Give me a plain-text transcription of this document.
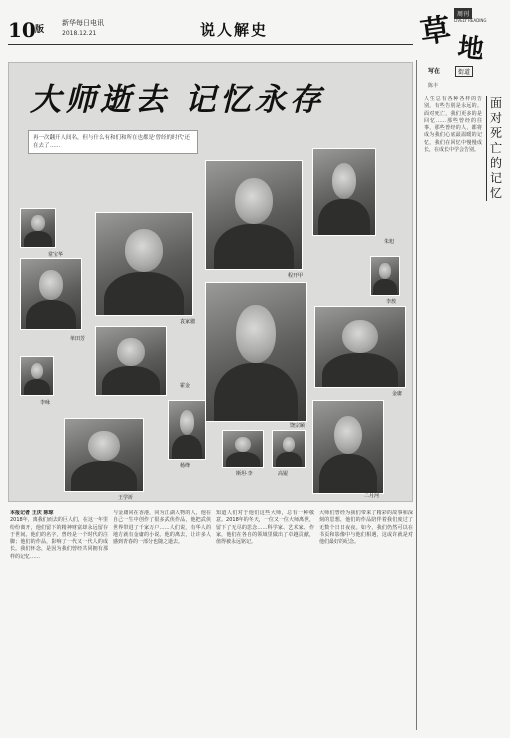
10 版
新华每日电讯
2018.12.21	说人解史	草 地
周刊
LIVELY READING
大师逝去 记忆永存
再一次翻开人间名，但与什么有和们和所在也都是'曾经的时代'还在去了……
常宝华
单田芳
李咏
程开甲
袁家骝
霍金
饶宗颐
朱旭
王学圻
杨绛
斯坦·李	高锟
二月河
金庸
李敖
本报记者 王庆 陈琼
2018年，离我们而去的巨人们，在这一年里纷纷离开，他们留下的精神财富却永远留存于世间。他们的名字，曾经是一个时代的注脚；他们的作品，影响了一代又一代人的成长。我们怀念，是因为我们曾经共同拥有那样的记忆……
与金庸同在香港，同为江湖人物的人，他在自己一生中创作了很多武侠作品，他把武侠世界带进了千家万户……人们说，有华人的地方就有金庸的小说。他的离去，让许多人感到青春的一部分也随之逝去。
知道人们对于他们这些大师，总有一种敬意。2018年的冬天，一位又一位大师离世，留下了无尽的思念……科学家、艺术家、作家，他们在各自的领域里做出了卓越贡献，值得被永远铭记。
大师们曾经为我们带来了精彩的故事和深刻的思想，他们的作品陪伴着我们度过了无数个日日夜夜。如今，我们仍然可以在书页和影像中与他们相遇，这或许就是对他们最好的纪念。
写在	街道
陈丰
面对死亡的记忆
人生总有各种各样的告别，有些告别是永远的。面对死亡，我们更多的是回忆……那些曾经的往事，那些曾经的人，都将成为我们心底最温暖的记忆，我们在回忆中慢慢成长，在成长中学会告别。
